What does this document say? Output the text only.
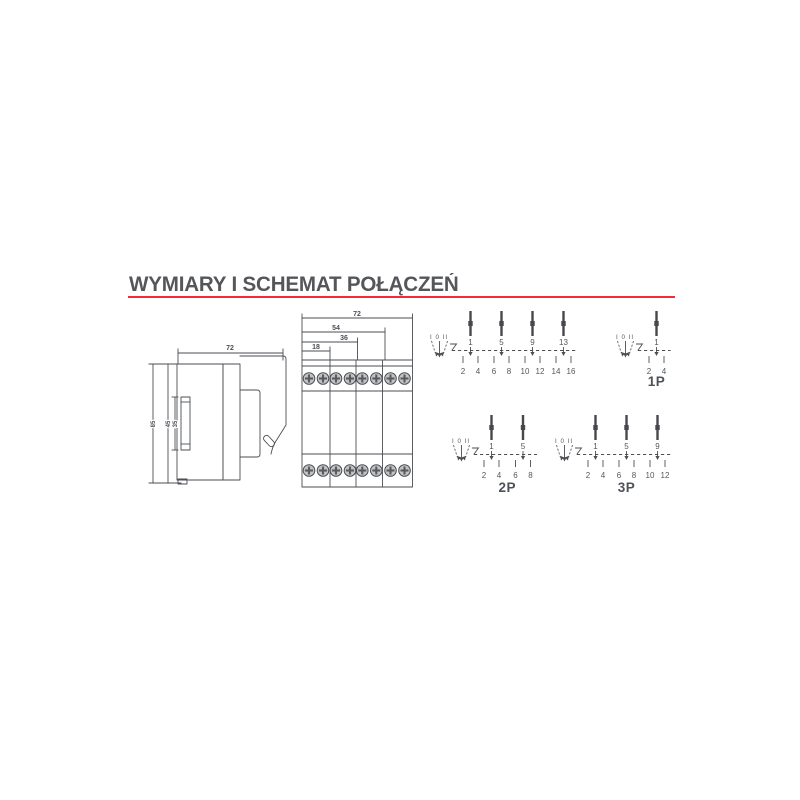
WYMIARY I SCHEMAT POŁĄCZEŃ
72
85 45 35
72
54
36
18
I 0 II
1	5	9	13
2 4 6 8 10 12 14 16
I 0 II
1
2 4
1P
I 0 II
1	5
2 4 6 8
2P
I 0 II
1	5	9
2 4 6 8 10 12
3P
